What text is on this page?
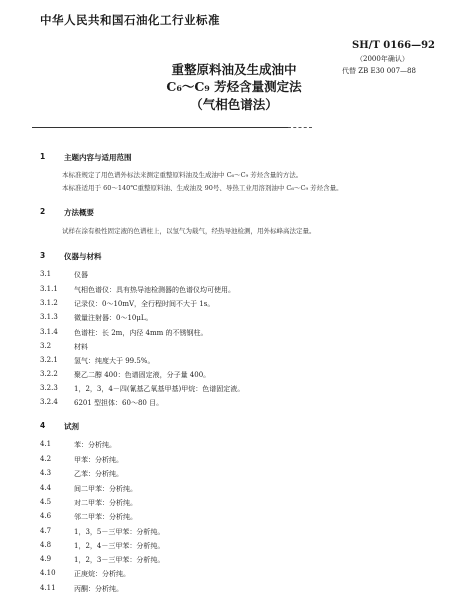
中华人民共和国石油化工行业标准
SH/T 0166—92
（2000年确认）
代替 ZB E30 007—88
重整原料油及生成油中
C₆～C₉ 芳烃含量测定法
（气相色谱法）
1	主题内容与适用范围
本标准规定了用色谱外标法来测定重整原料油及生成油中 C₆～C₉ 芳烃含量的方法。
本标准适用于 60～140℃重整原料油、生成油及 90号、导热工业用溶剂油中 C₆～C₉ 芳烃含量。
2	方法概要
试样在涂有极性固定液的色谱柱上，以氢气为载气，经热导池检测，用外标峰高法定量。
3	仪器与材料
3.1	仪器
3.1.1 气相色谱仪：具有热导池检测器的色谱仪均可使用。
3.1.2 记录仪：0～10mV，全行程时间不大于 1s。
3.1.3 微量注射器：0～10μL。
3.1.4 色谱柱：长 2m，内径 4mm 的不锈钢柱。
3.2	材料
3.2.1 氢气：纯度大于 99.5%。
3.2.2 聚乙二醇 400：色谱固定液，分子量 400。
3.2.3 1，2，3，4－四(氰基乙氧基甲基)甲烷：色谱固定液。
3.2.4 6201 型担体：60～80 目。
4	试剂
4.1	苯：分析纯。
4.2	甲苯：分析纯。
4.3	乙苯：分析纯。
4.4	间二甲苯：分析纯。
4.5	对二甲苯：分析纯。
4.6	邻二甲苯：分析纯。
4.7	1，3，5－三甲苯：分析纯。
4.8	1，2，4－三甲苯：分析纯。
4.9	1，2，3－三甲苯：分析纯。
4.10	正庚烷：分析纯。
4.11	丙酮：分析纯。
